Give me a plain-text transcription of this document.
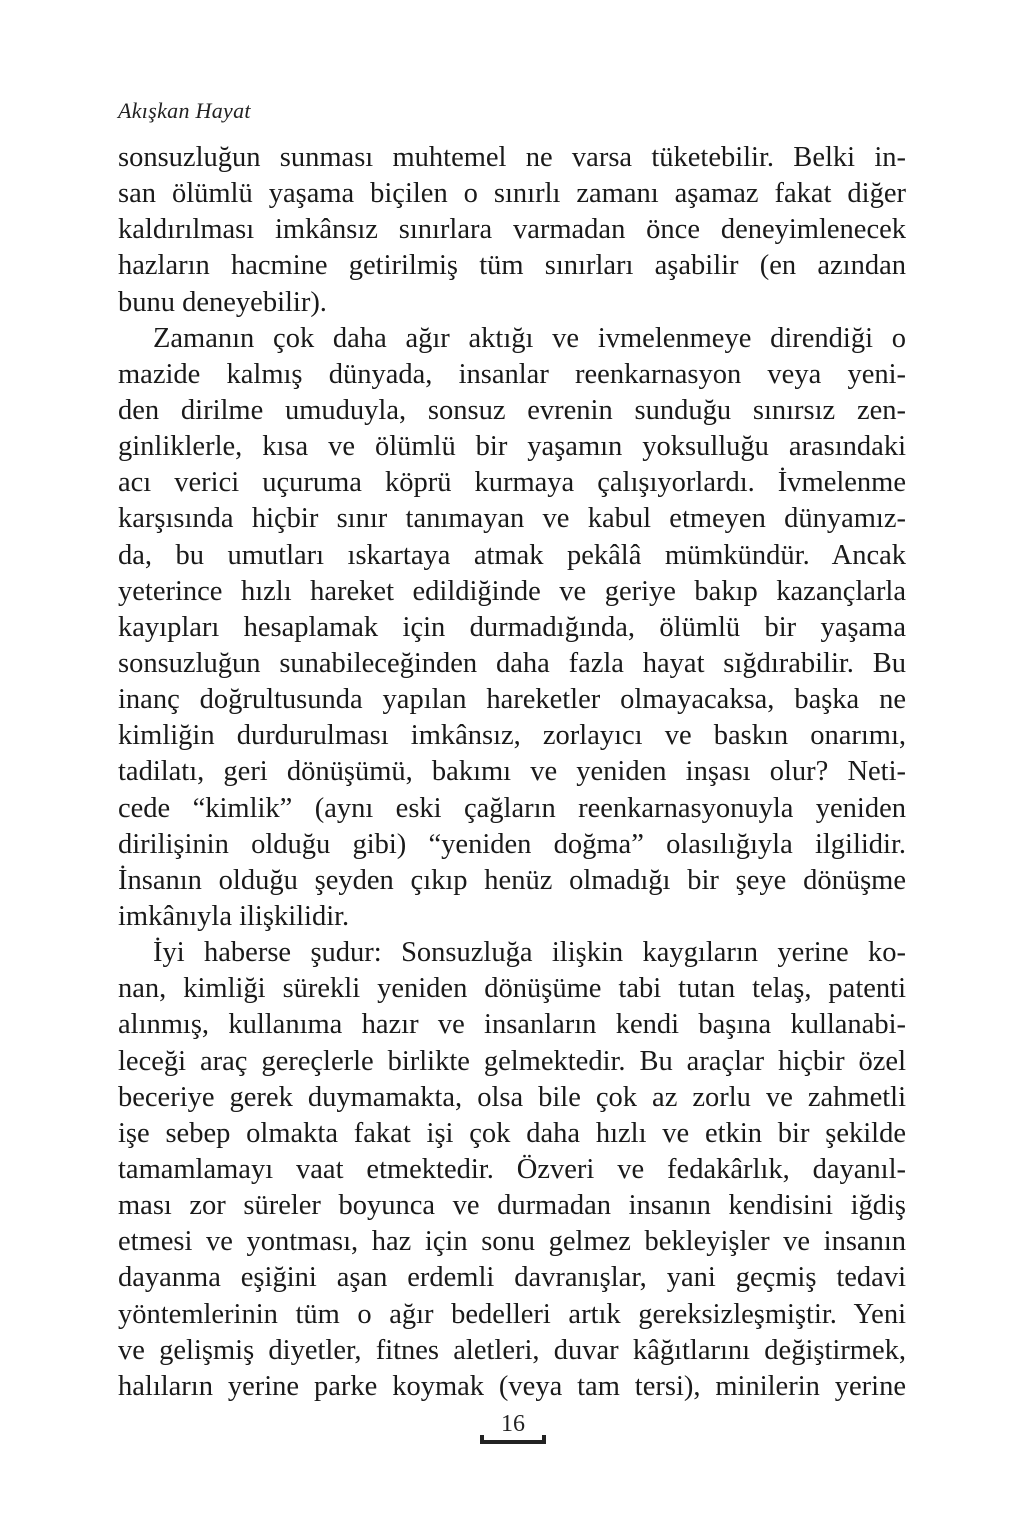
Akışkan Hayat
sonsuzluğun sunması muhtemel ne varsa tüketebilir. Belki in-
san ölümlü yaşama biçilen o sınırlı zamanı aşamaz fakat diğer
kaldırılması imkânsız sınırlara varmadan önce deneyimlenecek
hazların hacmine getirilmiş tüm sınırları aşabilir (en azından
bunu deneyebilir).
Zamanın çok daha ağır aktığı ve ivmelenmeye direndiği o
mazide kalmış dünyada, insanlar reenkarnasyon veya yeni-
den dirilme umuduyla, sonsuz evrenin sunduğu sınırsız zen-
ginliklerle, kısa ve ölümlü bir yaşamın yoksulluğu arasındaki
acı verici uçuruma köprü kurmaya çalışıyorlardı. İvmelenme
karşısında hiçbir sınır tanımayan ve kabul etmeyen dünyamız-
da, bu umutları ıskartaya atmak pekâlâ mümkündür. Ancak
yeterince hızlı hareket edildiğinde ve geriye bakıp kazançlarla
kayıpları hesaplamak için durmadığında, ölümlü bir yaşama
sonsuzluğun sunabileceğinden daha fazla hayat sığdırabilir. Bu
inanç doğrultusunda yapılan hareketler olmayacaksa, başka ne
kimliğin durdurulması imkânsız, zorlayıcı ve baskın onarımı,
tadilatı, geri dönüşümü, bakımı ve yeniden inşası olur? Neti-
cede “kimlik” (aynı eski çağların reenkarnasyonuyla yeniden
dirilişinin olduğu gibi) “yeniden doğma” olasılığıyla ilgilidir.
İnsanın olduğu şeyden çıkıp henüz olmadığı bir şeye dönüşme
imkânıyla ilişkilidir.
İyi haberse şudur: Sonsuzluğa ilişkin kaygıların yerine ko-
nan, kimliği sürekli yeniden dönüşüme tabi tutan telaş, patenti
alınmış, kullanıma hazır ve insanların kendi başına kullanabi-
leceği araç gereçlerle birlikte gelmektedir. Bu araçlar hiçbir özel
beceriye gerek duymamakta, olsa bile çok az zorlu ve zahmetli
işe sebep olmakta fakat işi çok daha hızlı ve etkin bir şekilde
tamamlamayı vaat etmektedir. Özveri ve fedakârlık, dayanıl-
ması zor süreler boyunca ve durmadan insanın kendisini iğdiş
etmesi ve yontması, haz için sonu gelmez bekleyişler ve insanın
dayanma eşiğini aşan erdemli davranışlar, yani geçmiş tedavi
yöntemlerinin tüm o ağır bedelleri artık gereksizleşmiştir. Yeni
ve gelişmiş diyetler, fitnes aletleri, duvar kâğıtlarını değiştirmek,
halıların yerine parke koymak (veya tam tersi), minilerin yerine
16
